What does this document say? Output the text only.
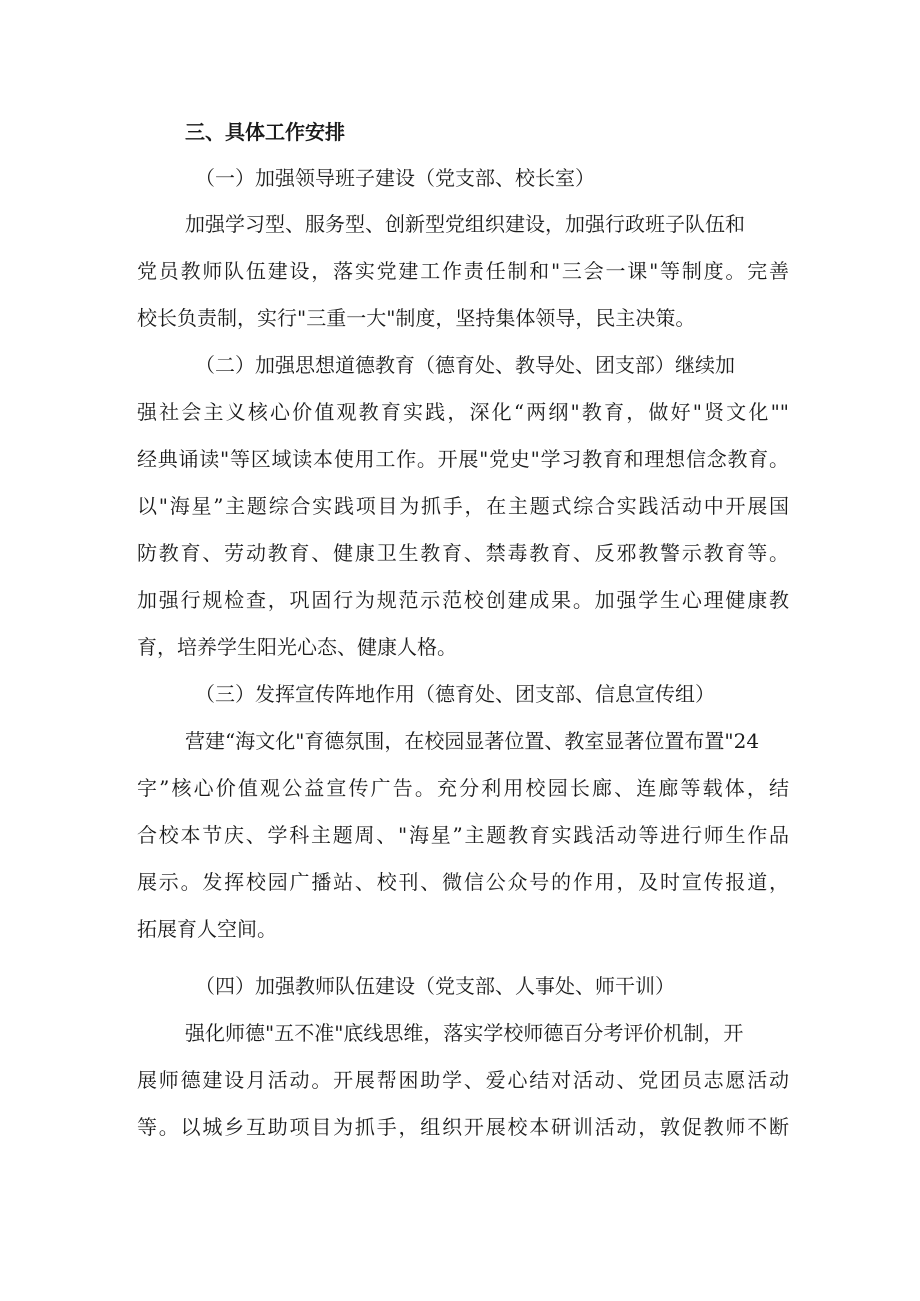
三、具体工作安排
（一）加强领导班子建设（党支部、校长室）
加强学习型、服务型、创新型党组织建设，加强行政班子队伍和
党员教师队伍建设，落实党建工作责任制和"三会一课"等制度。完善
校长负责制，实行"三重一大"制度，坚持集体领导，民主决策。
（二）加强思想道德教育（德育处、教导处、团支部）继续加
强社会主义核心价值观教育实践，深化“两纲"教育，做好"贤文化""
经典诵读"等区域读本使用工作。开展"党史"学习教育和理想信念教育。
以"海星”主题综合实践项目为抓手，在主题式综合实践活动中开展国
防教育、劳动教育、健康卫生教育、禁毒教育、反邪教警示教育等。
加强行规检查，巩固行为规范示范校创建成果。加强学生心理健康教
育，培养学生阳光心态、健康人格。
（三）发挥宣传阵地作用（德育处、团支部、信息宣传组）
营建“海文化"育德氛围，在校园显著位置、教室显著位置布置"24
字”核心价值观公益宣传广告。充分利用校园长廊、连廊等载体，结
合校本节庆、学科主题周、"海星”主题教育实践活动等进行师生作品
展示。发挥校园广播站、校刊、微信公众号的作用，及时宣传报道，
拓展育人空间。
（四）加强教师队伍建设（党支部、人事处、师干训）
强化师德"五不准"底线思维，落实学校师德百分考评价机制，开
展师德建设月活动。开展帮困助学、爱心结对活动、党团员志愿活动
等。以城乡互助项目为抓手，组织开展校本研训活动，敦促教师不断
